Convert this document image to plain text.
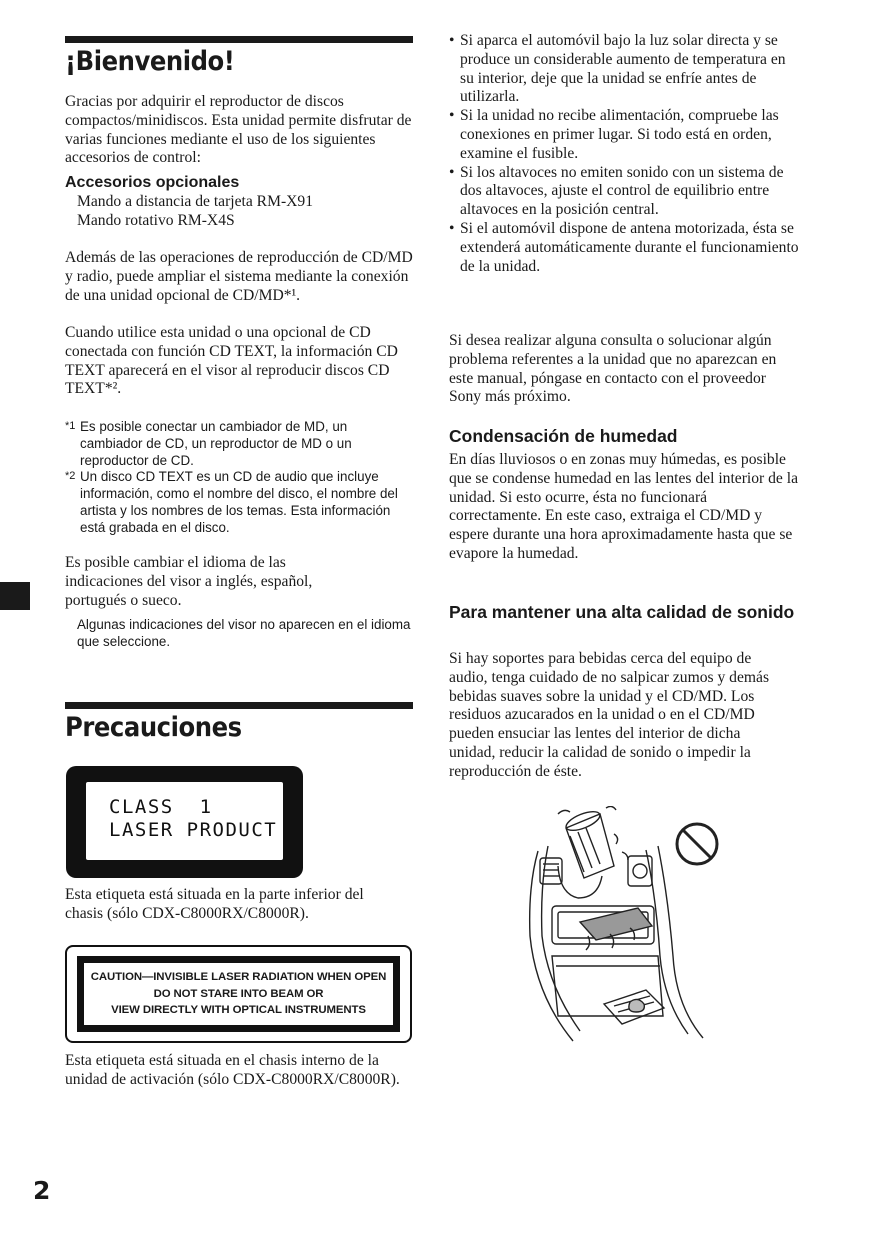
¡Bienvenido!

Gracias por adquirir el reproductor de discos compactos/minidiscos. Esta unidad permite disfrutar de varias funciones mediante el uso de los siguientes accesorios de control:

Accesorios opcionales

Mando a distancia de tarjeta RM-X91

Mando rotativo RM-X4S

Además de las operaciones de reproducción de CD/MD y radio, puede ampliar el sistema mediante la conexión de una unidad opcional de CD/MD*¹.

Cuando utilice esta unidad o una opcional de CD conectada con función CD TEXT, la información CD TEXT aparecerá en el visor al reproducir discos CD TEXT*².

*1 Es posible conectar un cambiador de MD, un cambiador de CD, un reproductor de MD o un reproductor de CD.
*2 Un disco CD TEXT es un CD de audio que incluye información, como el nombre del disco, el nombre del artista y los nombres de los temas. Esta información está grabada en el disco.

Es posible cambiar el idioma de las indicaciones del visor a inglés, español, portugués o sueco.

Algunas indicaciones del visor no aparecen en el idioma que seleccione.

Precauciones
CLASS  1
LASER PRODUCT

Esta etiqueta está situada en la parte inferior del chasis (sólo CDX-C8000RX/C8000R).

CAUTION—INVISIBLE LASER RADIATION WHEN OPEN
DO NOT STARE INTO BEAM OR
VIEW DIRECTLY WITH OPTICAL INSTRUMENTS

Esta etiqueta está situada en el chasis interno de la unidad de activación (sólo CDX-C8000RX/C8000R).

2

• Si aparca el automóvil bajo la luz solar directa y se produce un considerable aumento de temperatura en su interior, deje que la unidad se enfríe antes de utilizarla.
• Si la unidad no recibe alimentación, compruebe las conexiones en primer lugar. Si todo está en orden, examine el fusible.
• Si los altavoces no emiten sonido con un sistema de dos altavoces, ajuste el control de equilibrio entre altavoces en la posición central.
• Si el automóvil dispone de antena motorizada, ésta se extenderá automáticamente durante el funcionamiento de la unidad.

Si desea realizar alguna consulta o solucionar algún problema referentes a la unidad que no aparezcan en este manual, póngase en contacto con el proveedor Sony más próximo.

Condensación de humedad

En días lluviosos o en zonas muy húmedas, es posible que se condense humedad en las lentes del interior de la unidad. Si esto ocurre, ésta no funcionará correctamente. En este caso, extraiga el CD/MD y espere durante una hora aproximadamente hasta que se evapore la humedad.

Para mantener una alta calidad de sonido

Si hay soportes para bebidas cerca del equipo de audio, tenga cuidado de no salpicar zumos y demás bebidas suaves sobre la unidad y el CD/MD. Los residuos azucarados en la unidad o en el CD/MD pueden ensuciar las lentes del interior de dicha unidad, reducir la calidad de sonido o impedir la reproducción de éste.
